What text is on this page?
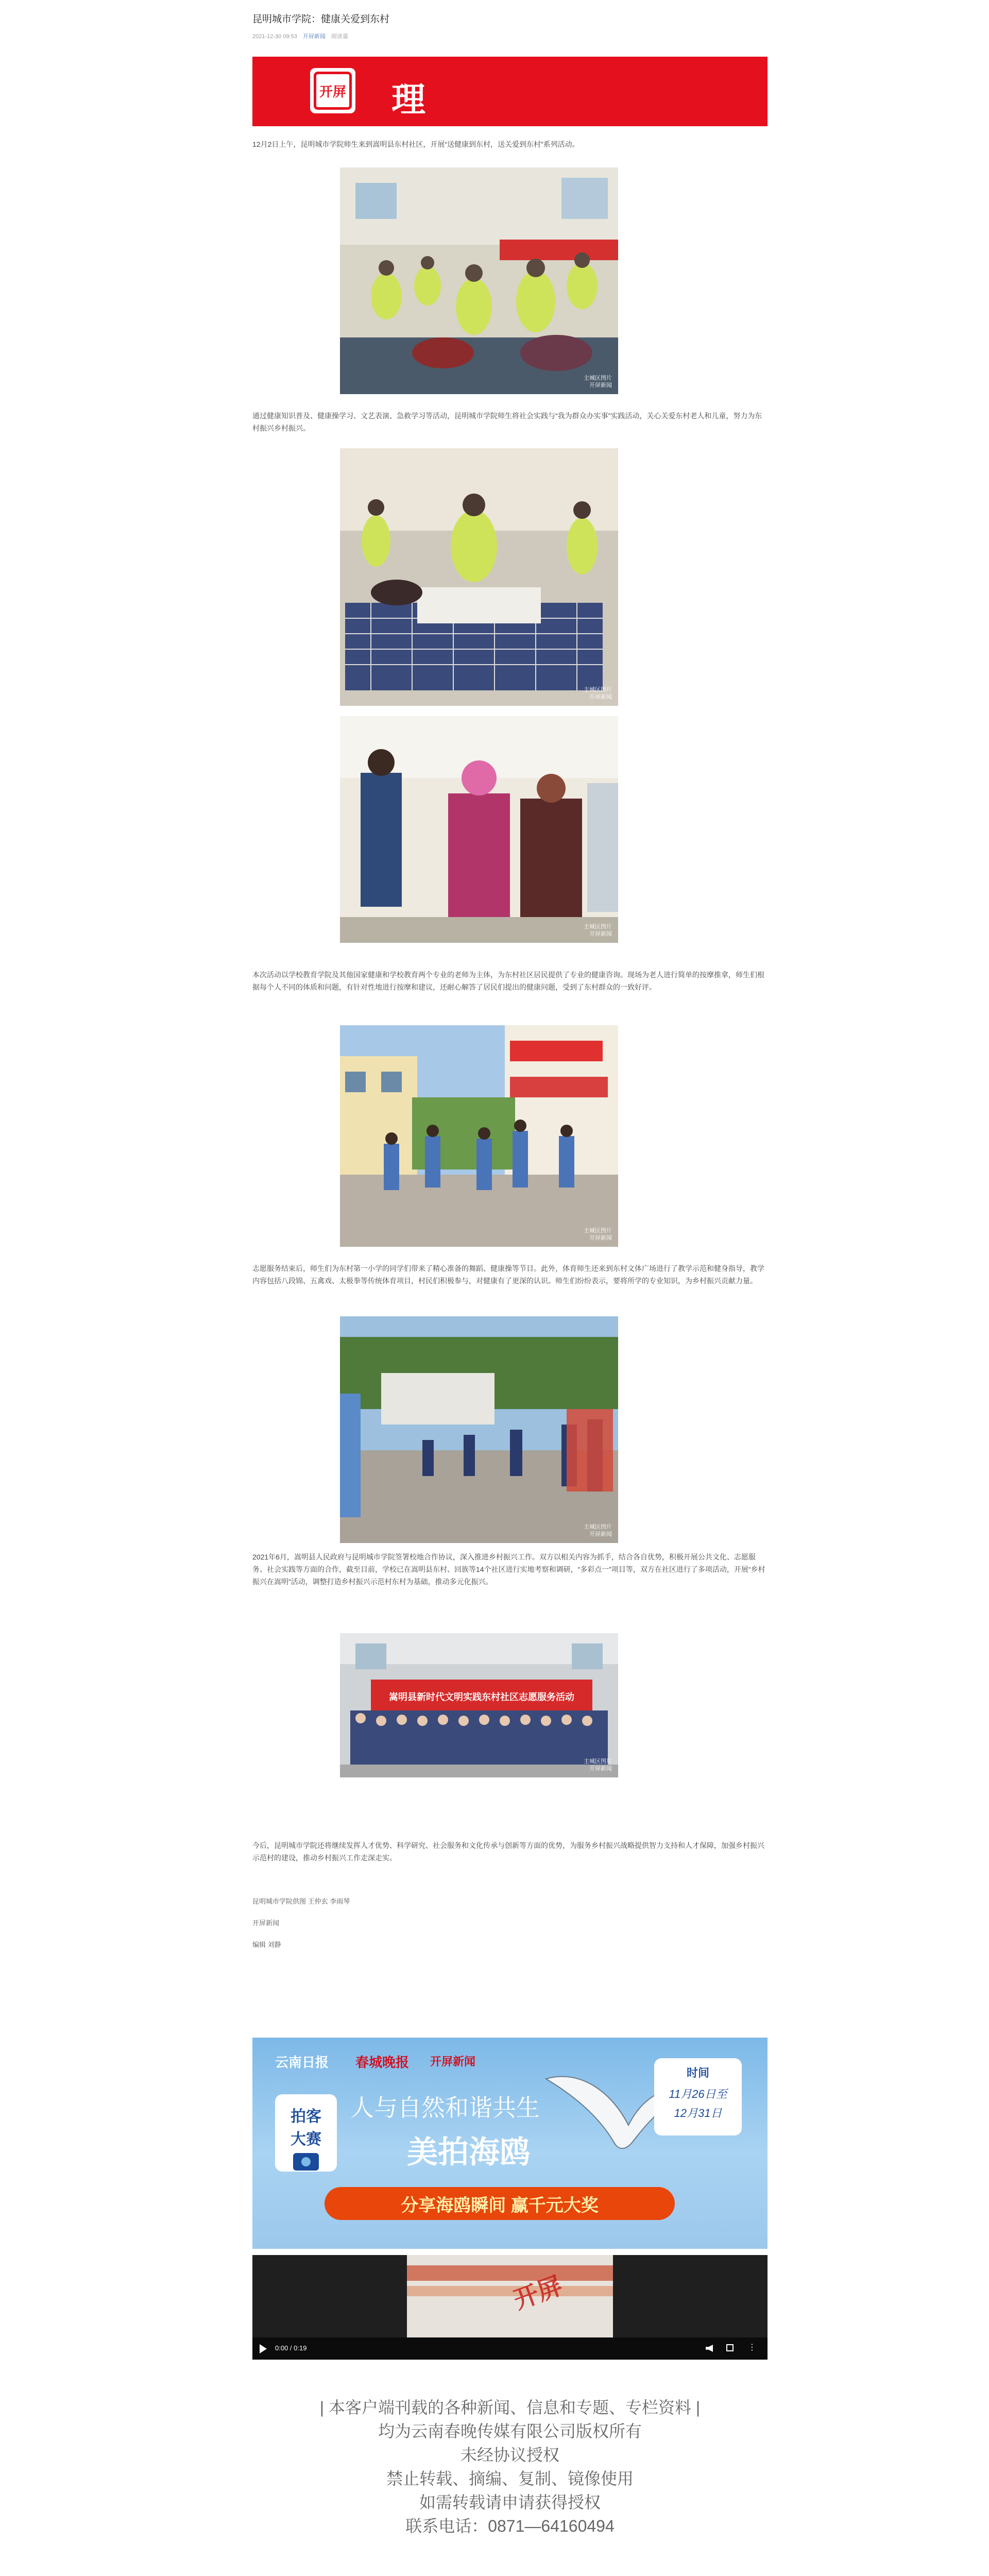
昆明城市学院：健康关爱到东村
2021-12-30 09:53 开屏新闻 阅读量
开屏 理
12月2日上午，昆明城市学院师生来到嵩明县东村社区，开展“送健康到东村，送关爱到东村”系列活动。
主城区图片
开屏新闻
通过健康知识普及、健康操学习、文艺表演、急救学习等活动，昆明城市学院师生将社会实践与“我为群众办实事”实践活动，关心关爱东村老人和儿童，努力为东村振兴乡村振兴。
主城区图片
开屏新闻
主城区图片
开屏新闻
本次活动以学校教育学院及其他国家健康和学校教育两个专业的老师为主体，为东村社区居民提供了专业的健康咨询。现场为老人进行简单的按摩推拿，师生们根据每个人不同的体质和问题，有针对性地进行按摩和建议，还耐心解答了居民们提出的健康问题，受到了东村群众的一致好评。
主城区图片
开屏新闻
志愿服务结束后，师生们为东村第一小学的同学们带来了精心准备的舞蹈、健康操等节目。此外，体育师生还来到东村文体广场进行了教学示范和健身指导，教学内容包括八段锦、五禽戏、太极拳等传统体育项目，村民们积极参与，对健康有了更深的认识。师生们纷纷表示，要将所学的专业知识，为乡村振兴贡献力量。
主城区图片
开屏新闻
2021年6月，嵩明县人民政府与昆明城市学院签署校地合作协议，深入推进乡村振兴工作。双方以相关内容为抓手，结合各自优势，积极开展公共文化、志愿服务、社会实践等方面的合作，截至目前，学校已在嵩明县东村、回族等14个社区进行实地考察和调研，“多彩点一”项目等，双方在社区进行了多项活动，开展“乡村振兴在嵩明”活动，调整打造乡村振兴示范村东村为基础，推动多元化振兴。
嵩明县新时代文明实践东村社区志愿服务活动
主城区图片
开屏新闻
今后，昆明城市学院还将继续发挥人才优势、科学研究、社会服务和文化传承与创新等方面的优势，为服务乡村振兴战略提供智力支持和人才保障，加强乡村振兴示范村的建设，推动乡村振兴工作走深走实。
昆明城市学院供图 王仲玄 李雨琴
开屏新闻
编辑 刘静
云南日报 春城晚报 开屏新闻
拍客
大赛
人与自然和谐共生
美拍海鸥
时间
11月26日至
12月31日
分享海鸥瞬间 赢千元大奖
开屏
0:00 / 0:19	⋮
| 本客户端刊载的各种新闻、信息和专题、专栏资料 |
均为云南春晚传媒有限公司版权所有
未经协议授权
禁止转载、摘编、复制、镜像使用
如需转载请申请获得授权
联系电话：0871—64160494
